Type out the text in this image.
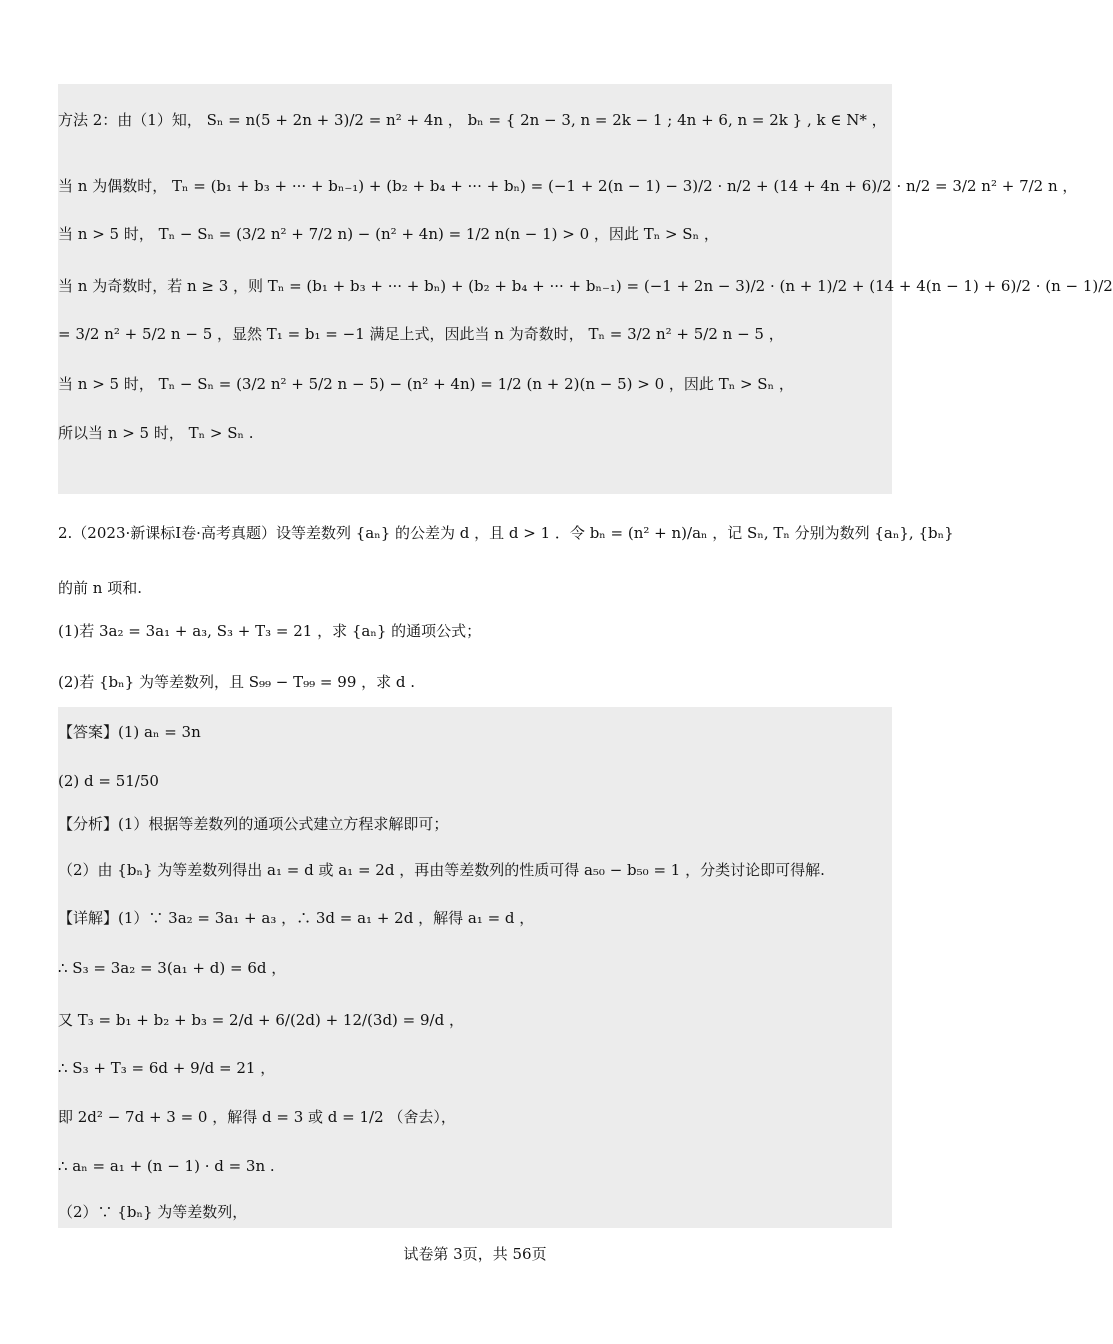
方法 2：由（1）知， Sₙ = n(5 + 2n + 3)/2 = n² + 4n ， bₙ = { 2n − 3, n = 2k − 1 ; 4n + 6, n = 2k } , k ∈ N* ，
当 n 为偶数时， Tₙ = (b₁ + b₃ + ··· + bₙ₋₁) + (b₂ + b₄ + ··· + bₙ) = (−1 + 2(n − 1) − 3)/2 · n/2 + (14 + 4n + 6)/2 · n/2 = 3/2 n² + 7/2 n ，
当 n > 5 时， Tₙ − Sₙ = (3/2 n² + 7/2 n) − (n² + 4n) = 1/2 n(n − 1) > 0 ，因此 Tₙ > Sₙ ，
当 n 为奇数时，若 n ≥ 3 ，则 Tₙ = (b₁ + b₃ + ··· + bₙ) + (b₂ + b₄ + ··· + bₙ₋₁) = (−1 + 2n − 3)/2 · (n + 1)/2 + (14 + 4(n − 1) + 6)/2 · (n − 1)/2
= 3/2 n² + 5/2 n − 5 ，显然 T₁ = b₁ = −1 满足上式，因此当 n 为奇数时， Tₙ = 3/2 n² + 5/2 n − 5 ，
当 n > 5 时， Tₙ − Sₙ = (3/2 n² + 5/2 n − 5) − (n² + 4n) = 1/2 (n + 2)(n − 5) > 0 ，因此 Tₙ > Sₙ ，
所以当 n > 5 时， Tₙ > Sₙ .
2.（2023·新课标Ⅰ卷·高考真题）设等差数列 {aₙ} 的公差为 d ，且 d > 1 ．令 bₙ = (n² + n)/aₙ ，记 Sₙ, Tₙ 分别为数列 {aₙ}, {bₙ}
的前 n 项和.
(1)若 3a₂ = 3a₁ + a₃, S₃ + T₃ = 21 ，求 {aₙ} 的通项公式；
(2)若 {bₙ} 为等差数列，且 S₉₉ − T₉₉ = 99 ，求 d .
【答案】(1) aₙ = 3n
(2) d = 51/50
【分析】(1）根据等差数列的通项公式建立方程求解即可；
（2）由 {bₙ} 为等差数列得出 a₁ = d 或 a₁ = 2d ，再由等差数列的性质可得 a₅₀ − b₅₀ = 1 ，分类讨论即可得解.
【详解】(1）∵ 3a₂ = 3a₁ + a₃ ，∴ 3d = a₁ + 2d ，解得 a₁ = d ，
∴ S₃ = 3a₂ = 3(a₁ + d) = 6d ，
又 T₃ = b₁ + b₂ + b₃ = 2/d + 6/(2d) + 12/(3d) = 9/d ，
∴ S₃ + T₃ = 6d + 9/d = 21 ，
即 2d² − 7d + 3 = 0 ，解得 d = 3 或 d = 1/2 （舍去），
∴ aₙ = a₁ + (n − 1) · d = 3n .
（2）∵ {bₙ} 为等差数列，
试卷第 3页，共 56页
